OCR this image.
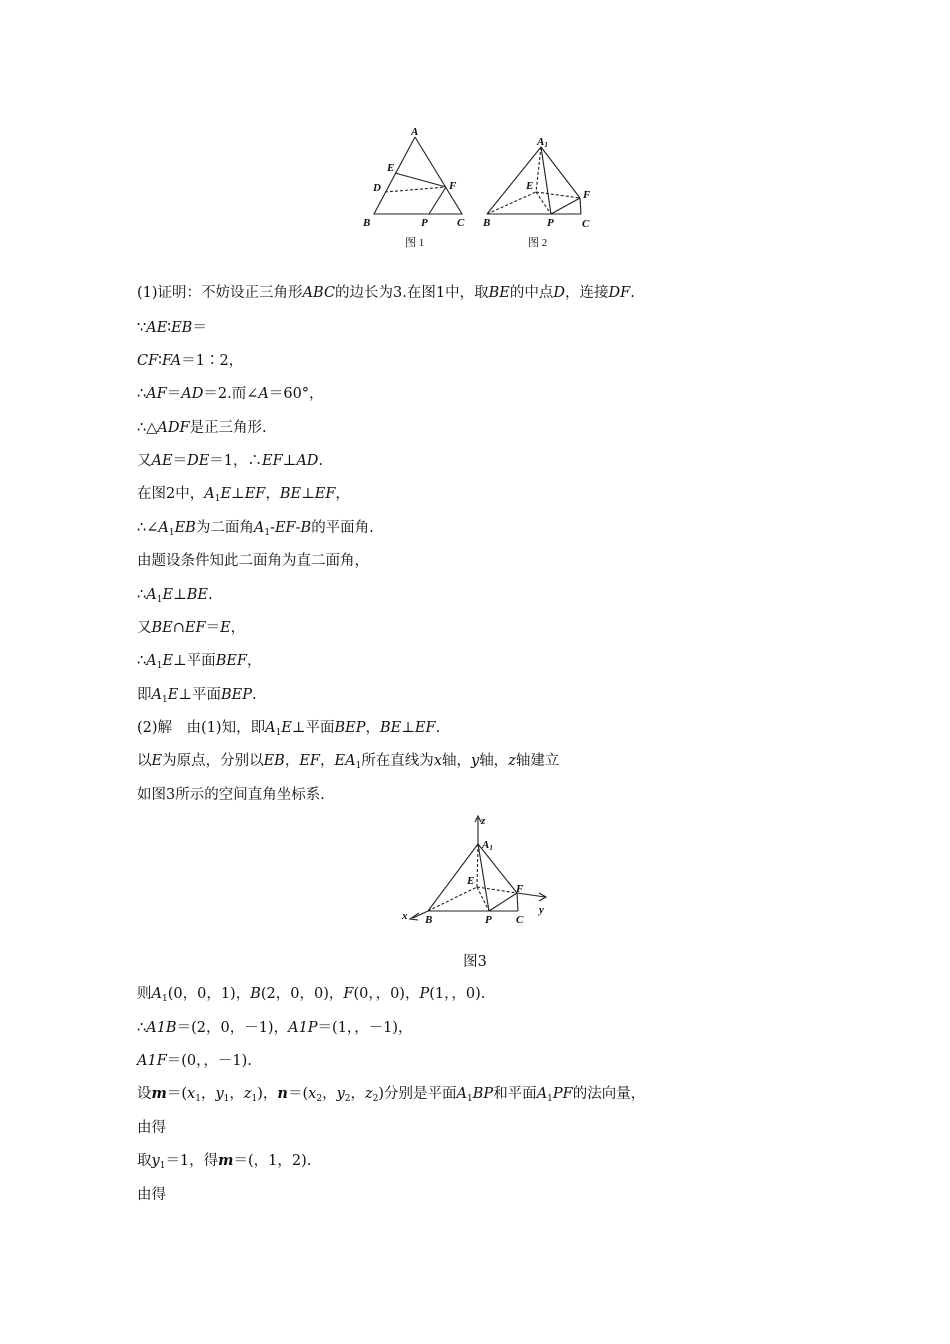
A
E
D	F
B	P	C
图 1
A1
E
F
B	P	C
图 2
(1)证明：不妨设正三角形ABC的边长为3.在图1中，取BE的中点D，连接DF.
∵AE∶EB＝
CF∶FA＝1∶2，
∴AF＝AD＝2.而∠A＝60°，
∴△ADF是正三角形.
又AE＝DE＝1，∴EF⊥AD.
在图2中，$A_1E\perp EF$，BE⊥EF，
$\therefore\angle A_1EB$为二面角$A_1-EF-B$的平面角.
由题设条件知此二面角为直二面角，
$\therefore A_1E\perp BE$.
又BE∩EF＝E，
$\therefore A_1E\perp$平面BEF，
即$A_1E\perp$平面BEP.
(2)解　由(1)知，即$A_1E\perp$平面BEP，BE⊥EF.
以E为原点，分别以EB，EF，$EA_1$所在直线为x轴，y轴，z轴建立
如图3所示的空间直角坐标系.
z
A1
E
F
x	y
B	P C
图3
则$A_1(0$，0，1)，B(2，0，0)，F(0，，0)，P(1，，0).
∴A1B＝(2，0，－1)，A1P＝(1，，－1)，
A1F＝(0，，－1).
设$m=(x_1$，$y_1$，$z_1$)，$n=(x_2$，$y_2$，$z_2$)分别是平面$A_1BP$和平面$A_1PF$的法向量，
由得
取$y_1=1$，得m＝(，1，2).
由得
